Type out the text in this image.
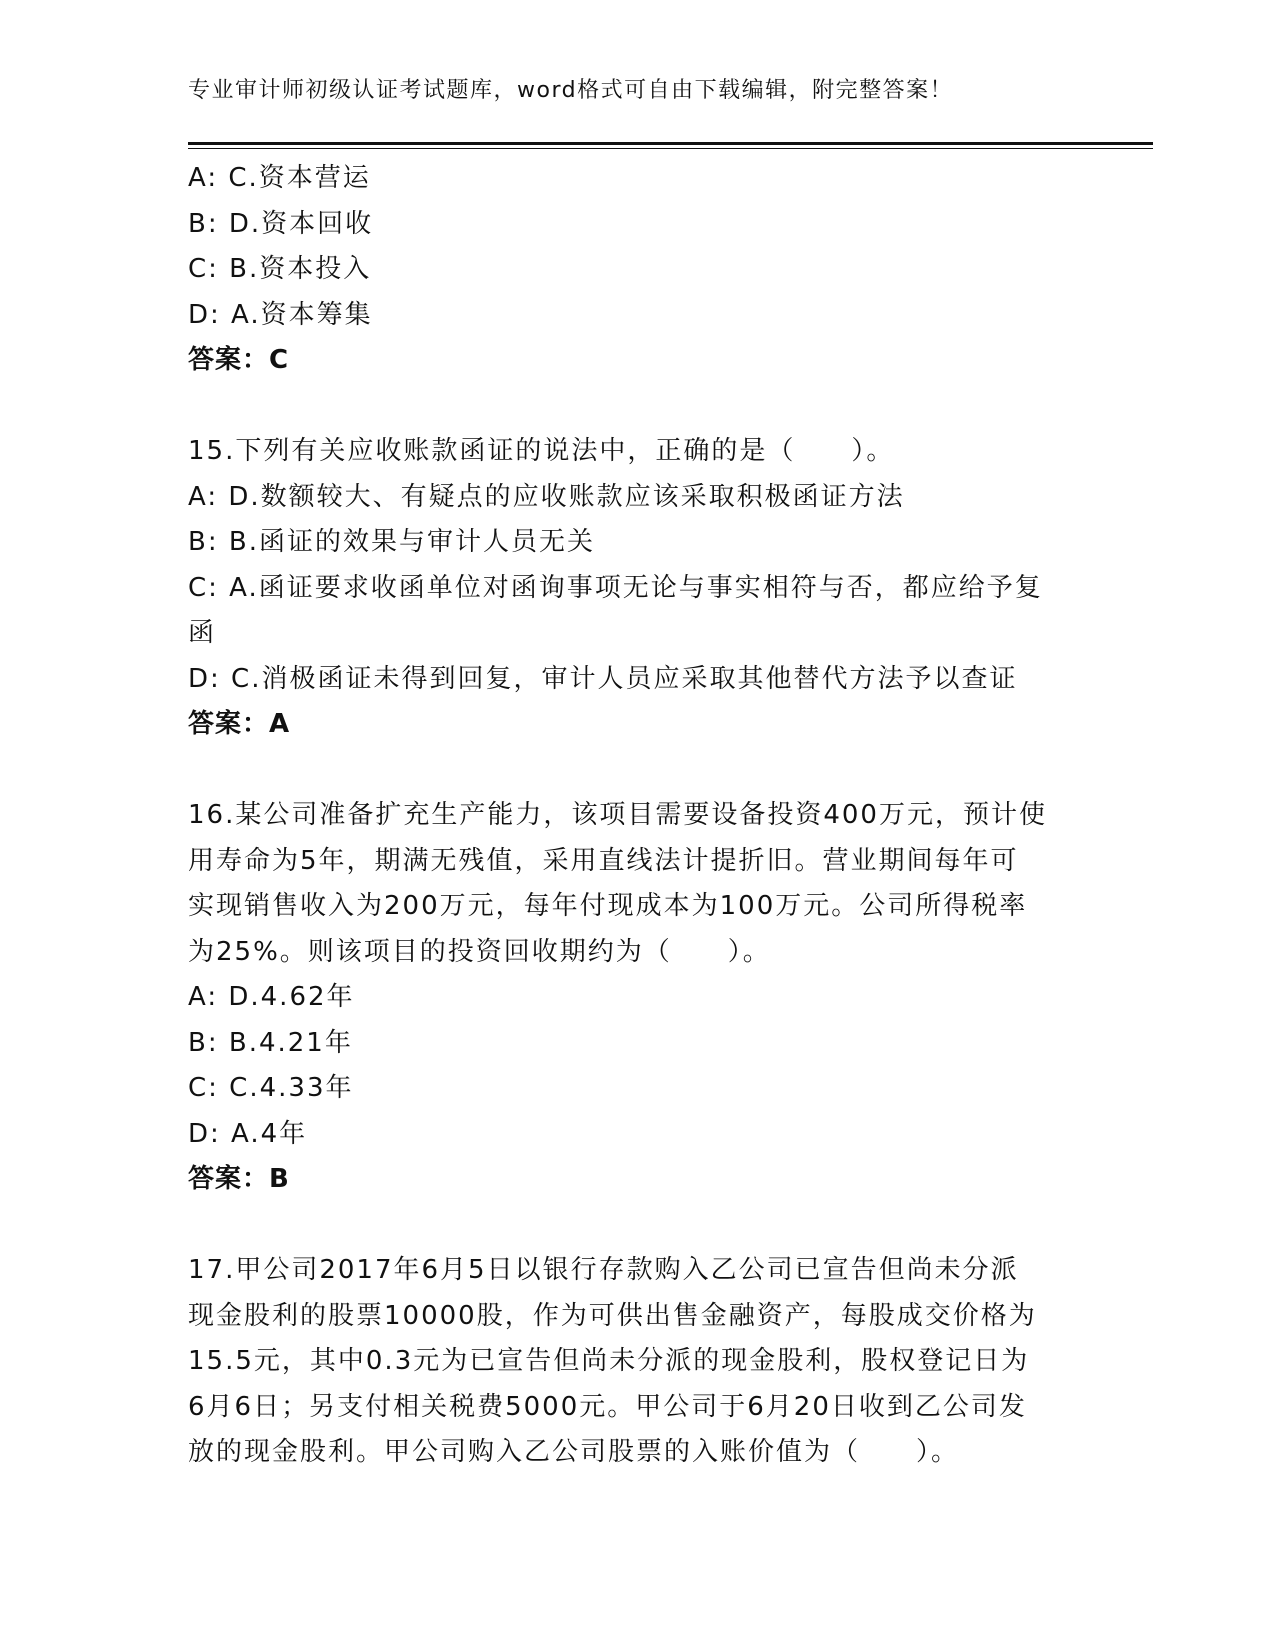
专业审计师初级认证考试题库，word格式可自由下载编辑，附完整答案！
A: C.资本营运
B: D.资本回收
C: B.资本投入
D: A.资本筹集
答案：C
15.下列有关应收账款函证的说法中，正确的是（　　）。
A: D.数额较大、有疑点的应收账款应该采取积极函证方法
B: B.函证的效果与审计人员无关
C: A.函证要求收函单位对函询事项无论与事实相符与否，都应给予复
函
D: C.消极函证未得到回复，审计人员应采取其他替代方法予以查证
答案：A
16.某公司准备扩充生产能力，该项目需要设备投资400万元，预计使
用寿命为5年，期满无残值，采用直线法计提折旧。营业期间每年可
实现销售收入为200万元，每年付现成本为100万元。公司所得税率
为25%。则该项目的投资回收期约为（　　）。
A: D.4.62年
B: B.4.21年
C: C.4.33年
D: A.4年
答案：B
17.甲公司2017年6月5日以银行存款购入乙公司已宣告但尚未分派
现金股利的股票10000股，作为可供出售金融资产，每股成交价格为
15.5元，其中0.3元为已宣告但尚未分派的现金股利，股权登记日为
6月6日；另支付相关税费5000元。甲公司于6月20日收到乙公司发
放的现金股利。甲公司购入乙公司股票的入账价值为（　　）。
